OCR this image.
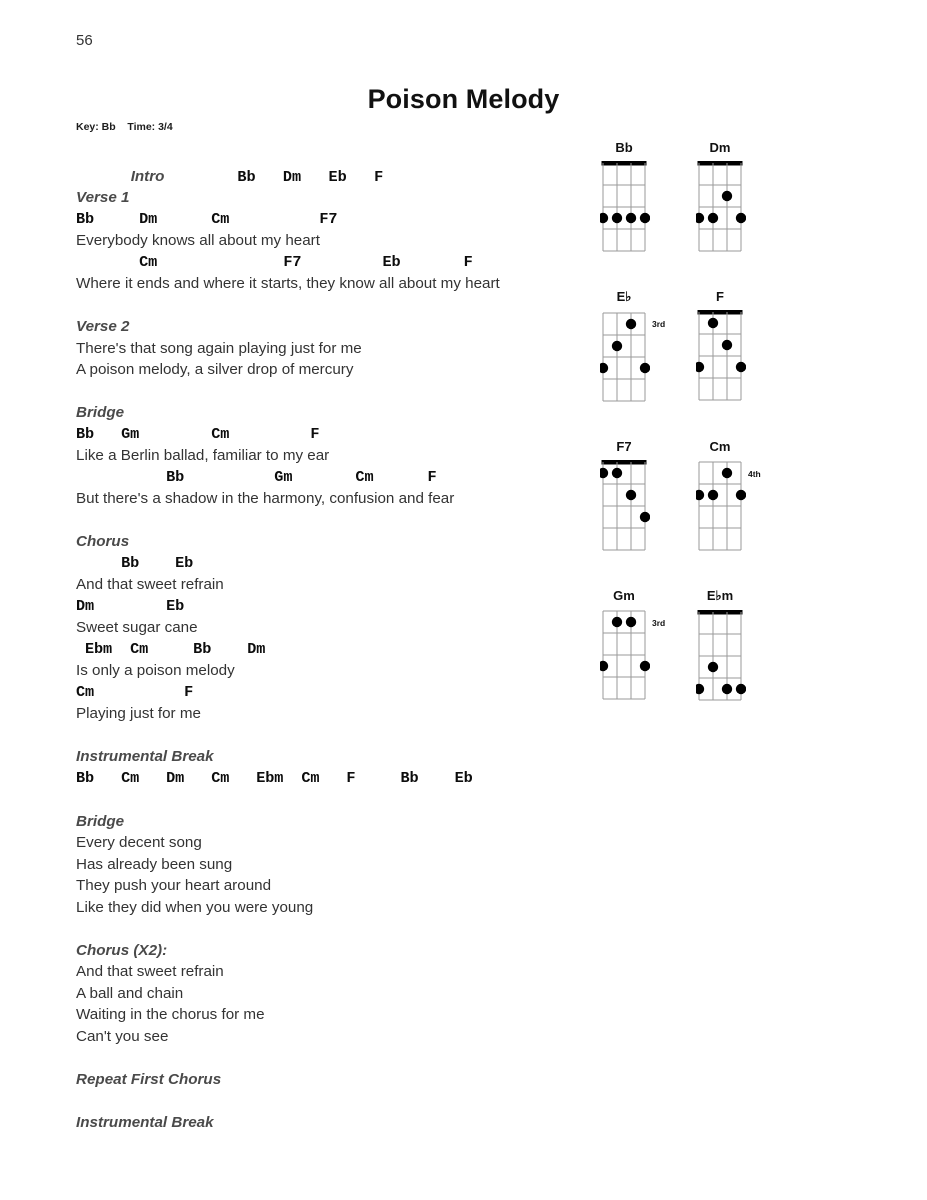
56
Poison Melody
Key: Bb    Time: 3/4

Intro	Bb   Dm   Eb   F

Verse 1
Bb     Dm      Cm          F7
Everybody knows all about my heart
Cm              F7         Eb       F
Where it ends and where it starts, they know all about my heart
Verse 2
There's that song again playing just for me
A poison melody, a silver drop of mercury
Bridge
Bb   Gm        Cm         F
Like a Berlin ballad, familiar to my ear
Bb          Gm       Cm      F
But there's a shadow in the harmony, confusion and fear
Chorus
Bb    Eb
And that sweet refrain
Dm        Eb
Sweet sugar cane
Ebm  Cm     Bb    Dm
Is only a poison melody
Cm          F
Playing just for me
Instrumental Break
Bb   Cm   Dm   Cm   Ebm  Cm   F     Bb    Eb
Bridge
Every decent song
Has already been sung
They push your heart around
Like they did when you were young
Chorus (X2):
And that sweet refrain
A ball and chain
Waiting in the chorus for me
Can't you see
Repeat First Chorus
Instrumental Break
Bb	Dm
E♭
3rd
F
F7	Cm
4th
Gm
3rd
E♭m
